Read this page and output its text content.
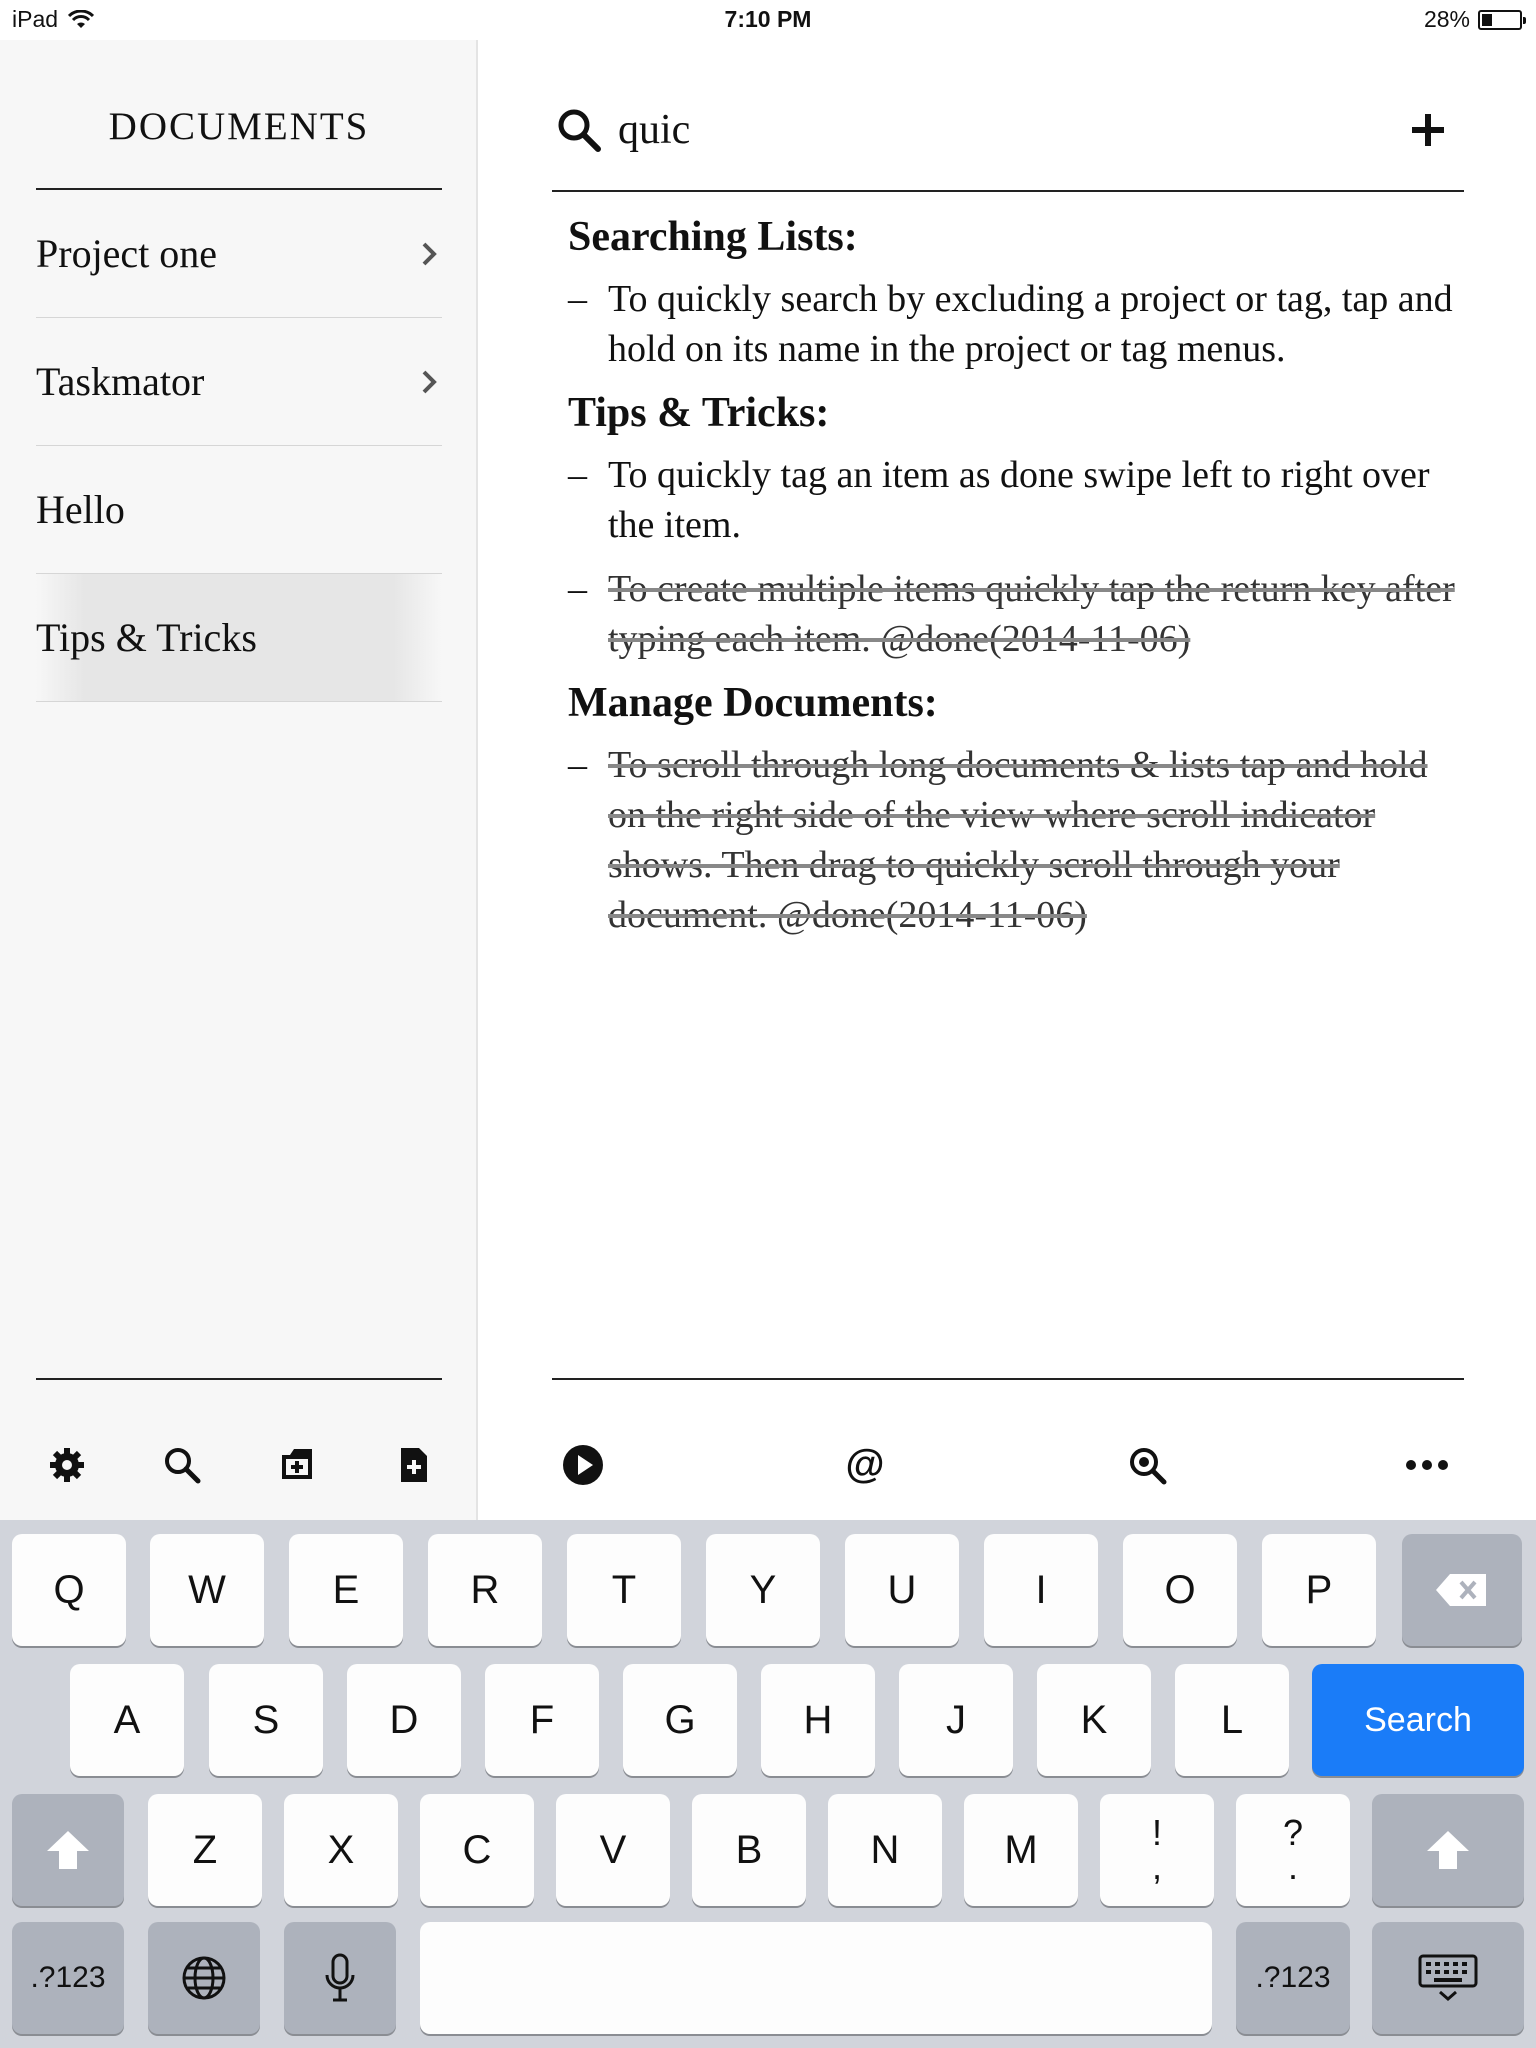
iPad	7:10 PM	28%
DOCUMENTS
Project one
Taskmator
Hello
Tips & Tricks
quic
Searching Lists:
– To quickly search by excluding a project or tag, tap and hold on its name in the project or tag menus.
Tips & Tricks:
– To quickly tag an item as done swipe left to right over the item.
– To create multiple items quickly tap the return key after typing each item. @done(2014-11-06)
Manage Documents:
– To scroll through long documents & lists tap and hold on the right side of the view where scroll indicator shows. Then drag to quickly scroll through your document. @done(2014-11-06)
@
Q	W	E	R	T	Y	U	I	O	P
A	S	D	F	G	H	J	K	L	Search
Z	X	C	V	B	N	M	!
,
?
.
.?123	.?123
